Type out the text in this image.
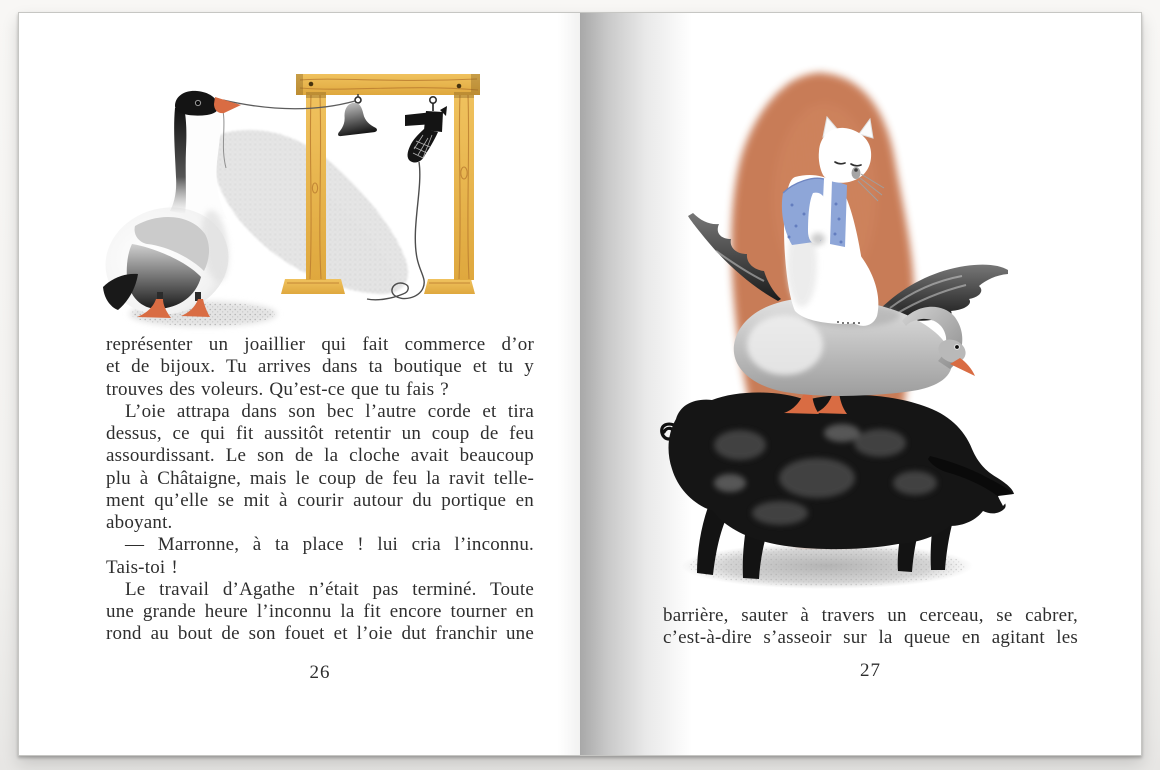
représenter un joaillier qui fait commerce d’or
et de bijoux. Tu arrives dans ta boutique et tu y
trouves des voleurs. Qu’est-ce que tu fais ?
L’oie attrapa dans son bec l’autre corde et tira
dessus, ce qui fit aussitôt retentir un coup de feu
assourdissant. Le son de la cloche avait beaucoup
plu à Châtaigne, mais le coup de feu la ravit telle-
ment qu’elle se mit à courir autour du portique en
aboyant.
— Marronne, à ta place ! lui cria l’inconnu.
Tais-toi !
Le travail d’Agathe n’était pas terminé. Toute
une grande heure l’inconnu la fit encore tourner en
rond au bout de son fouet et l’oie dut franchir une
26
barrière, sauter à travers un cerceau, se cabrer,
c’est-à-dire s’asseoir sur la queue en agitant les
27
